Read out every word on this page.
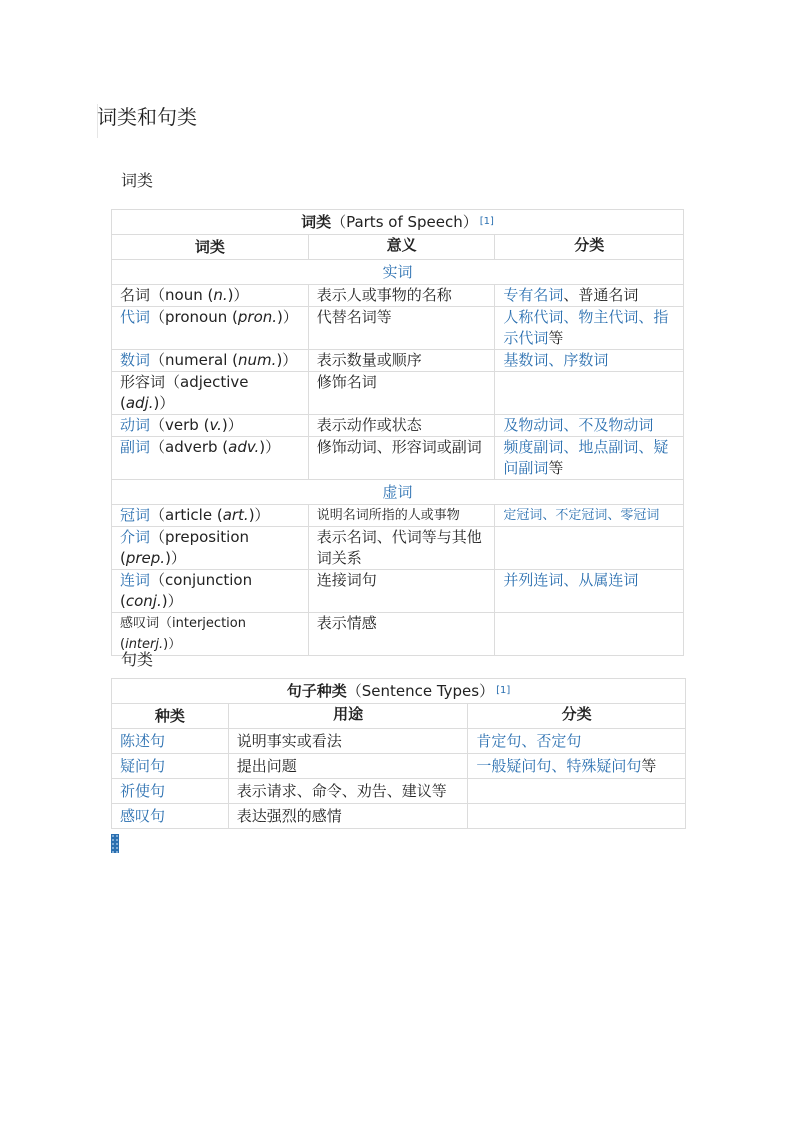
词类和句类
词类
词类（Parts of Speech） [1]
词类	意义	分类
实词		
名词（noun (n.)）	表示人或事物的名称	专有名词、普通名词
代词（pronoun (pron.)）	代替名词等	人称代词、物主代词、指示代词等
数词（numeral (num.)）	表示数量或顺序	基数词、序数词
形容词（adjective (adj.)）	修饰名词	
动词（verb (v.)）	表示动作或状态	及物动词、不及物动词
副词（adverb (adv.)）	修饰动词、形容词或副词	频度副词、地点副词、疑问副词等
虚词		
冠词（article (art.)）	说明名词所指的人或事物	定冠词、不定冠词、零冠词
介词（preposition (prep.)）	表示名词、代词等与其他词关系	
连词（conjunction (conj.)）	连接词句	并列连词、从属连词
感叹词（interjection (interj.)）	表示情感	
句类
句子种类（Sentence Types） [1]
种类	用途	分类
陈述句	说明事实或看法	肯定句、否定句
疑问句	提出问题	一般疑问句、特殊疑问句等
祈使句	表示请求、命令、劝告、建议等	
感叹句	表达强烈的感情	
